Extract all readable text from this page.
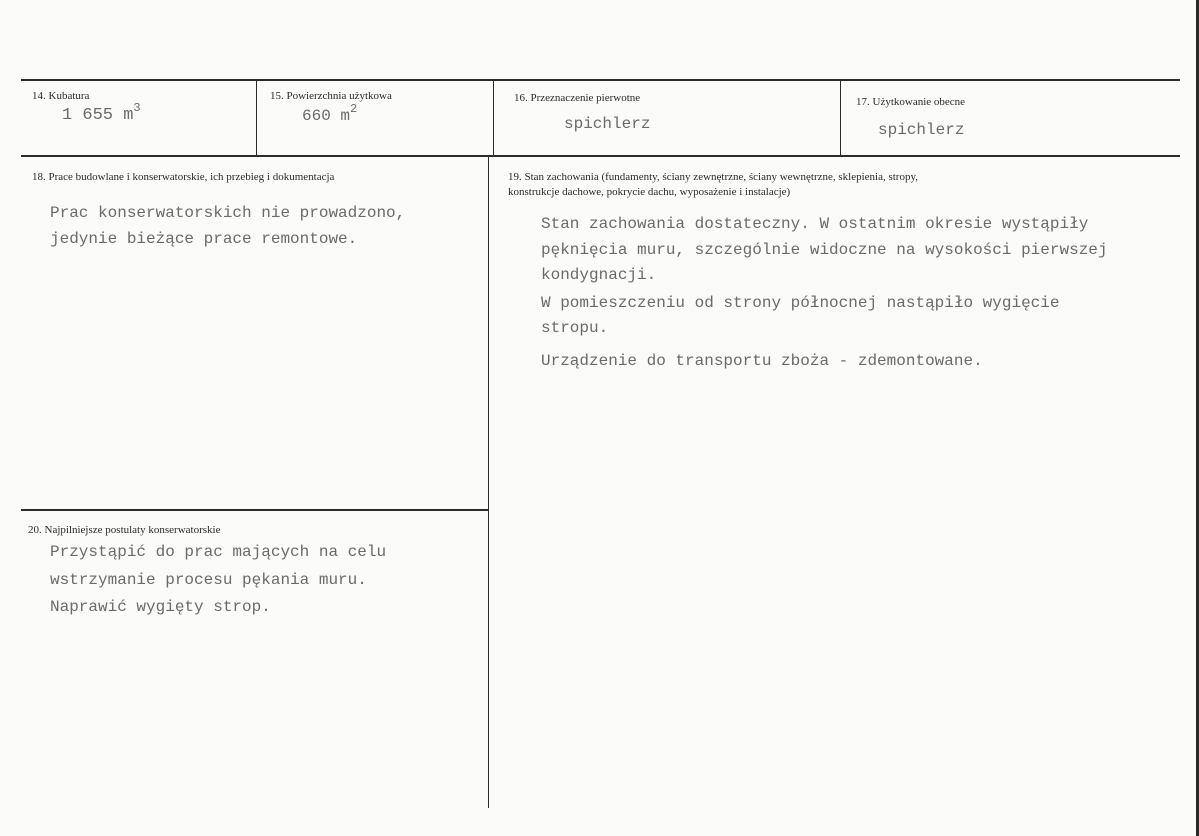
14. Kubatura
1 655 $m^3$
15. Powierzchnia użytkowa
660 $m^2$
16. Przeznaczenie pierwotne
spichlerz
17. Użytkowanie obecne
spichlerz
18. Prace budowlane i konserwatorskie, ich przebieg i dokumentacja
Prac konserwatorskich nie prowadzono,
jedynie bieżące prace remontowe.
19. Stan zachowania (fundamenty, ściany zewnętrzne, ściany wewnętrzne, sklepienia, stropy,
konstrukcje dachowe, pokrycie dachu, wyposażenie i instalacje)
Stan zachowania dostateczny. W ostatnim okresie wystąpiły
pęknięcia muru, szczególnie widoczne na wysokości pierwszej
kondygnacji.
W pomieszczeniu od strony północnej nastąpiło wygięcie
stropu.
Urządzenie do transportu zboża - zdemontowane.
20. Najpilniejsze postulaty konserwatorskie
Przystąpić do prac mających na celu
wstrzymanie procesu pękania muru.
Naprawić wygięty strop.
